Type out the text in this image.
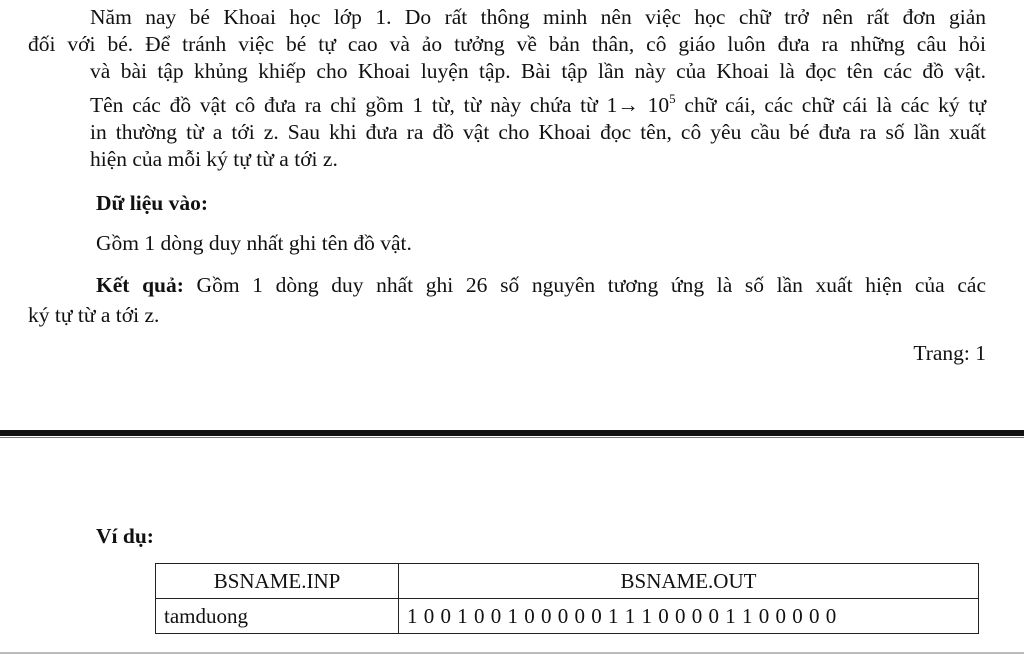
Năm nay bé Khoai học lớp 1. Do rất thông minh nên việc học chữ trở nên rất đơn giản
đối với bé. Để tránh việc bé tự cao và ảo tưởng về bản thân, cô giáo luôn đưa ra những câu hỏi
và bài tập khủng khiếp cho Khoai luyện tập. Bài tập lần này của Khoai là đọc tên các đồ vật.
Tên các đồ vật cô đưa ra chỉ gồm 1 từ, từ này chứa từ $1\to 10^5$ chữ cái, các chữ cái là các ký tự
in thường từ a tới z. Sau khi đưa ra đồ vật cho Khoai đọc tên, cô yêu cầu bé đưa ra số lần xuất
hiện của mỗi ký tự từ a tới z.
Dữ liệu vào:
Gồm 1 dòng duy nhất ghi tên đồ vật.
Kết quả: Gồm 1 dòng duy nhất ghi 26 số nguyên tương ứng là số lần xuất hiện của các
ký tự từ a tới z.
Trang: 1
Ví dụ:
BSNAME.INP	BSNAME.OUT
tamduong	1 0 0 1 0 0 1 0 0 0 0 0 1 1 1 0 0 0 0 1 1 0 0 0 0 0
